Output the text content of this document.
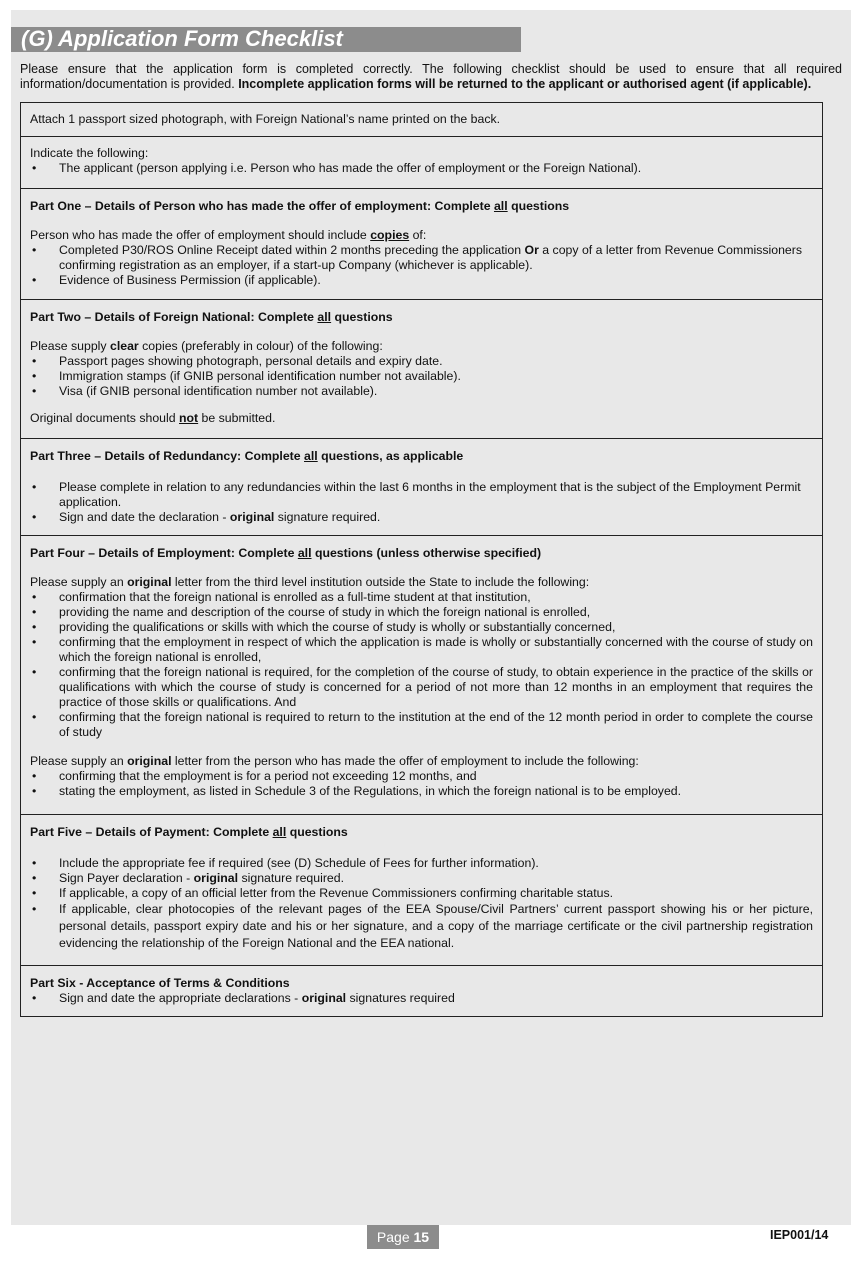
(G) Application Form Checklist
Please ensure that the application form is completed correctly. The following checklist should be used to ensure that all required information/documentation is provided. Incomplete application forms will be returned to the applicant or authorised agent (if applicable).

Attach 1 passport sized photograph, with Foreign National’s name printed on the back.

Indicate the following:

• The applicant (person applying i.e. Person who has made the offer of employment or the Foreign National).

Part One – Details of Person who has made the offer of employment: Complete all questions

Person who has made the offer of employment should include copies of:

• Completed P30/ROS Online Receipt dated within 2 months preceding the application Or a copy of a letter from Revenue Commissioners confirming registration as an employer, if a start-up Company (whichever is applicable).

• Evidence of Business Permission (if applicable).

Part Two – Details of Foreign National: Complete all questions

Please supply clear copies (preferably in colour) of the following:

• Passport pages showing photograph, personal details and expiry date.

• Immigration stamps (if GNIB personal identification number not available).

• Visa (if GNIB personal identification number not available).

Original documents should not be submitted.

Part Three – Details of Redundancy: Complete all questions, as applicable

• Please complete in relation to any redundancies within the last 6 months in the employment that is the subject of the Employment Permit application.

• Sign and date the declaration - original signature required.

Part Four – Details of Employment: Complete all questions (unless otherwise specified)

Please supply an original letter from the third level institution outside the State to include the following:

• confirmation that the foreign national is enrolled as a full-time student at that institution,

• providing the name and description of the course of study in which the foreign national is enrolled,

• providing the qualifications or skills with which the course of study is wholly or substantially concerned,

• confirming that the employment in respect of which the application is made is wholly or substantially concerned with the course of study on which the foreign national is enrolled,

• confirming that the foreign national is required, for the completion of the course of study, to obtain experience in the practice of the skills or qualifications with which the course of study is concerned for a period of not more than 12 months in an employment that requires the practice of those skills or qualifications. And

• confirming that the foreign national is required to return to the institution at the end of the 12 month period in order to complete the course of study

Please supply an original letter from the person who has made the offer of employment to include the following:

• confirming that the employment is for a period not exceeding 12 months, and

• stating the employment, as listed in Schedule 3 of the Regulations, in which the foreign national is to be employed.

Part Five – Details of Payment: Complete all questions

• Include the appropriate fee if required (see (D) Schedule of Fees for further information).

• Sign Payer declaration - original signature required.

• If applicable, a copy of an official letter from the Revenue Commissioners confirming charitable status.

• If applicable, clear photocopies of the relevant pages of the EEA Spouse/Civil Partners’ current passport showing his or her picture, personal details, passport expiry date and his or her signature, and a copy of the marriage certificate or the civil partnership registration evidencing the relationship of the Foreign National and the EEA national.

Part Six - Acceptance of Terms & Conditions

• Sign and date the appropriate declarations - original signatures required

Page 15	IEP001/14
